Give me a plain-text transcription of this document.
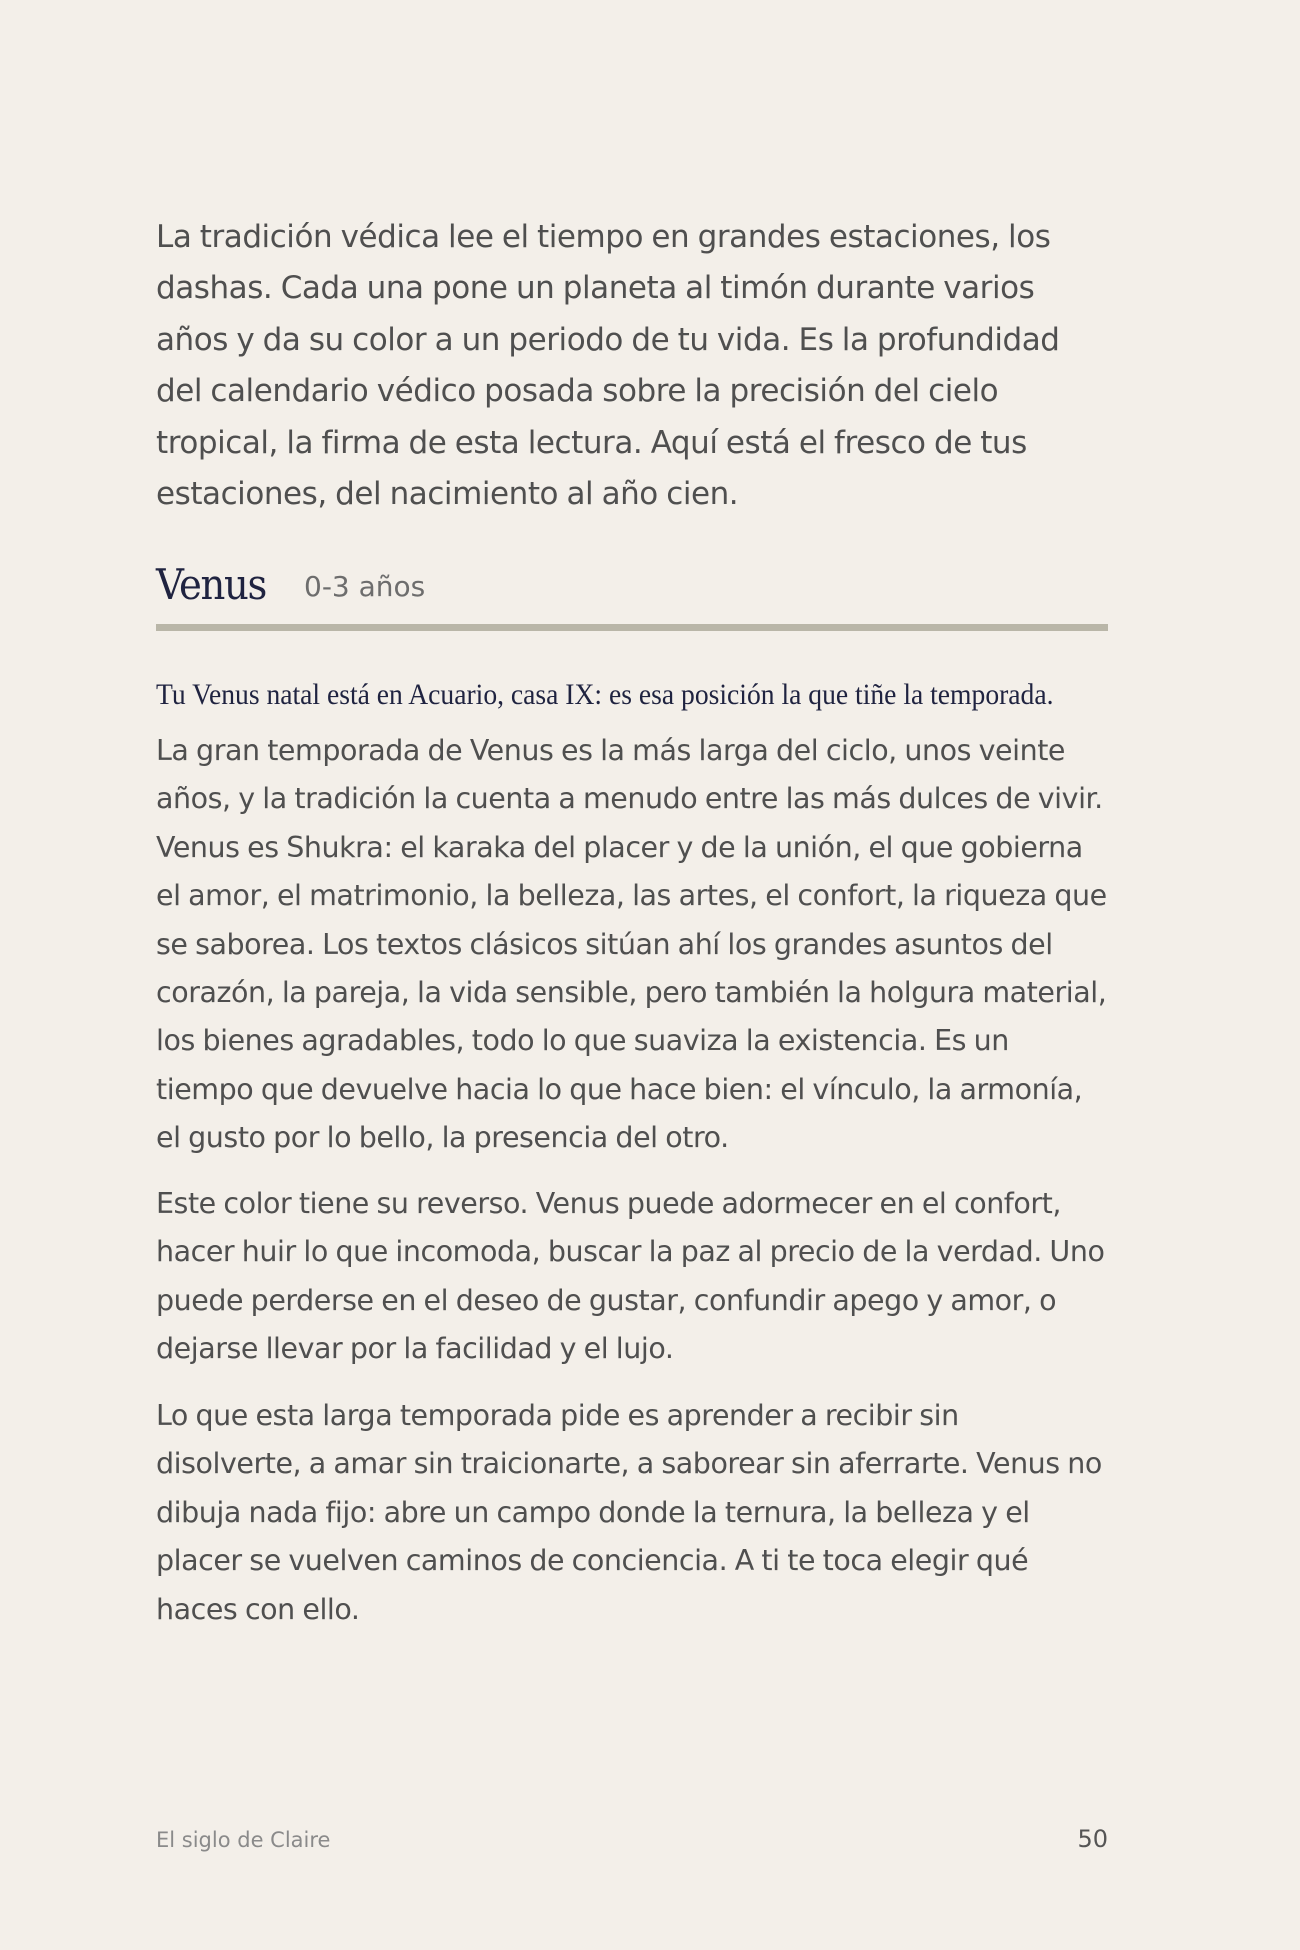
La tradición védica lee el tiempo en grandes estaciones, los dashas. Cada una pone un planeta al timón durante varios años y da su color a un periodo de tu vida. Es la profundidad del calendario védico posada sobre la precisión del cielo tropical, la firma de esta lectura. Aquí está el fresco de tus estaciones, del nacimiento al año cien.

Venus 0-3 años

Tu Venus natal está en Acuario, casa IX: es esa posición la que tiñe la temporada.

La gran temporada de Venus es la más larga del ciclo, unos veinte años, y la tradición la cuenta a menudo entre las más dulces de vivir. Venus es Shukra: el karaka del placer y de la unión, el que gobierna el amor, el matrimonio, la belleza, las artes, el confort, la riqueza que se saborea. Los textos clásicos sitúan ahí los grandes asuntos del corazón, la pareja, la vida sensible, pero también la holgura material, los bienes agradables, todo lo que suaviza la existencia. Es un tiempo que devuelve hacia lo que hace bien: el vínculo, la armonía, el gusto por lo bello, la presencia del otro.

Este color tiene su reverso. Venus puede adormecer en el confort, hacer huir lo que incomoda, buscar la paz al precio de la verdad. Uno puede perderse en el deseo de gustar, confundir apego y amor, o dejarse llevar por la facilidad y el lujo.

Lo que esta larga temporada pide es aprender a recibir sin disolverte, a amar sin traicionarte, a saborear sin aferrarte. Venus no dibuja nada fijo: abre un campo donde la ternura, la belleza y el placer se vuelven caminos de conciencia. A ti te toca elegir qué haces con ello.

El siglo de Claire	50
